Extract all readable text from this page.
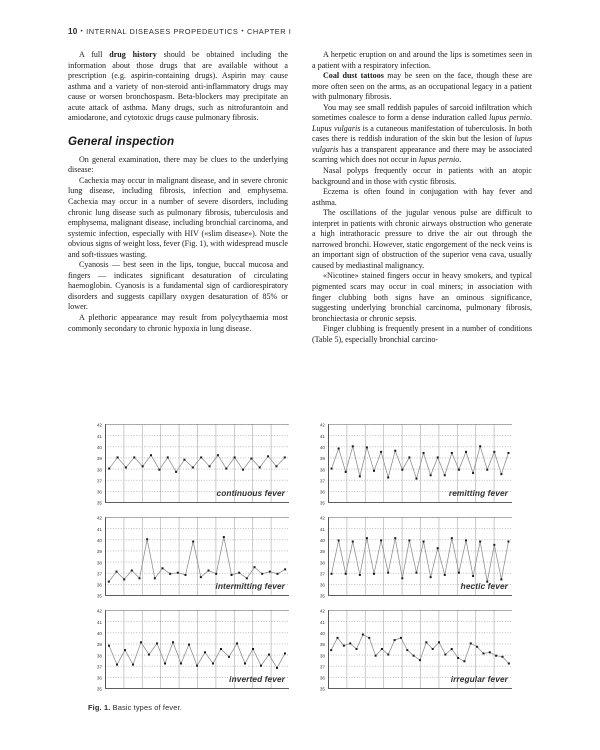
10 • INTERNAL DISEASES PROPEDEUTICS • CHAPTER I

A full drug history should be obtained including the information about those drugs that are available without a prescription (e.g. aspirin-containing drugs). Aspirin may cause asthma and a variety of non-steroid anti-inflammatory drugs may cause or worsen bronchospasm. Beta-blockers may precipitate an acute attack of asthma. Many drugs, such as nitrofurantoin and amiodarone, and cytotoxic drugs cause pulmonary fibrosis.

General inspection

On general examination, there may be clues to the underlying disease:

Cachexia may occur in malignant disease, and in severe chronic lung disease, including fibrosis, infection and emphysema. Cachexia may occur in a number of severe disorders, including chronic lung disease such as pulmonary fibrosis, tuberculosis and emphysema, malignant disease, including bronchial carcinoma, and systemic infection, especially with HIV («slim disease»). Note the obvious signs of weight loss, fever (Fig. 1), with widespread muscle and soft-tissues wasting.

Cyanosis — best seen in the lips, tongue, buccal mucosa and fingers — indicates significant desaturation of circulating haemoglobin. Cyanosis is a fundamental sign of cardiorespiratory disorders and suggests capillary oxygen desaturation of 85% or lower.

A plethoric appearance may result from polycythaemia most commonly secondary to chronic hypoxia in lung disease.

A herpetic eruption on and around the lips is sometimes seen in a patient with a respiratory infection.

Coal dust tattoos may be seen on the face, though these are more often seen on the arms, as an occupational legacy in a patient with pulmonary fibrosis.

You may see small reddish papules of sarcoid infiltration which sometimes coalesce to form a dense induration called lupus pernio. Lupus vulgaris is a cutaneous manifestation of tuberculosis. In both cases there is reddish induration of the skin but the lesion of lupus vulgaris has a transparent appearance and there may be associated scarring which does not occur in lupus pernio.

Nasal polyps frequently occur in patients with an atopic background and in those with cystic fibrosis.

Eczema is often found in conjugation with hay fever and asthma.

The oscillations of the jugular venous pulse are difficult to interpret in patients with chronic airways obstruction who generate a high intrathoracic pressure to drive the air out through the narrowed bronchi. However, static engorgement of the neck veins is an important sign of obstruction of the superior vena cava, usually caused by mediastinal malignancy.

«Nicotine» stained fingers occur in heavy smokers, and typical pigmented scars may occur in coal miners; in association with finger clubbing both signs have an ominous significance, suggesting underlying bronchial carcinoma, pulmonary fibrosis, bronchiectasia or chronic sepsis.

Finger clubbing is frequently present in a number of conditions (Table 5), especially bronchial carcino-

35
36
37
38
39
40
41
42
continuous fever
35
36
37
38
39
40
41
42
remitting fever
35
36
37
38
39
40
41
42
intermitting fever
35
36
37
38
39
40
41
42
hectic fever
35
36
37
38
39
40
41
42
inverted fever
35
36
37
38
39
40
41
42
irregular fever
Fig. 1. Basic types of fever.
